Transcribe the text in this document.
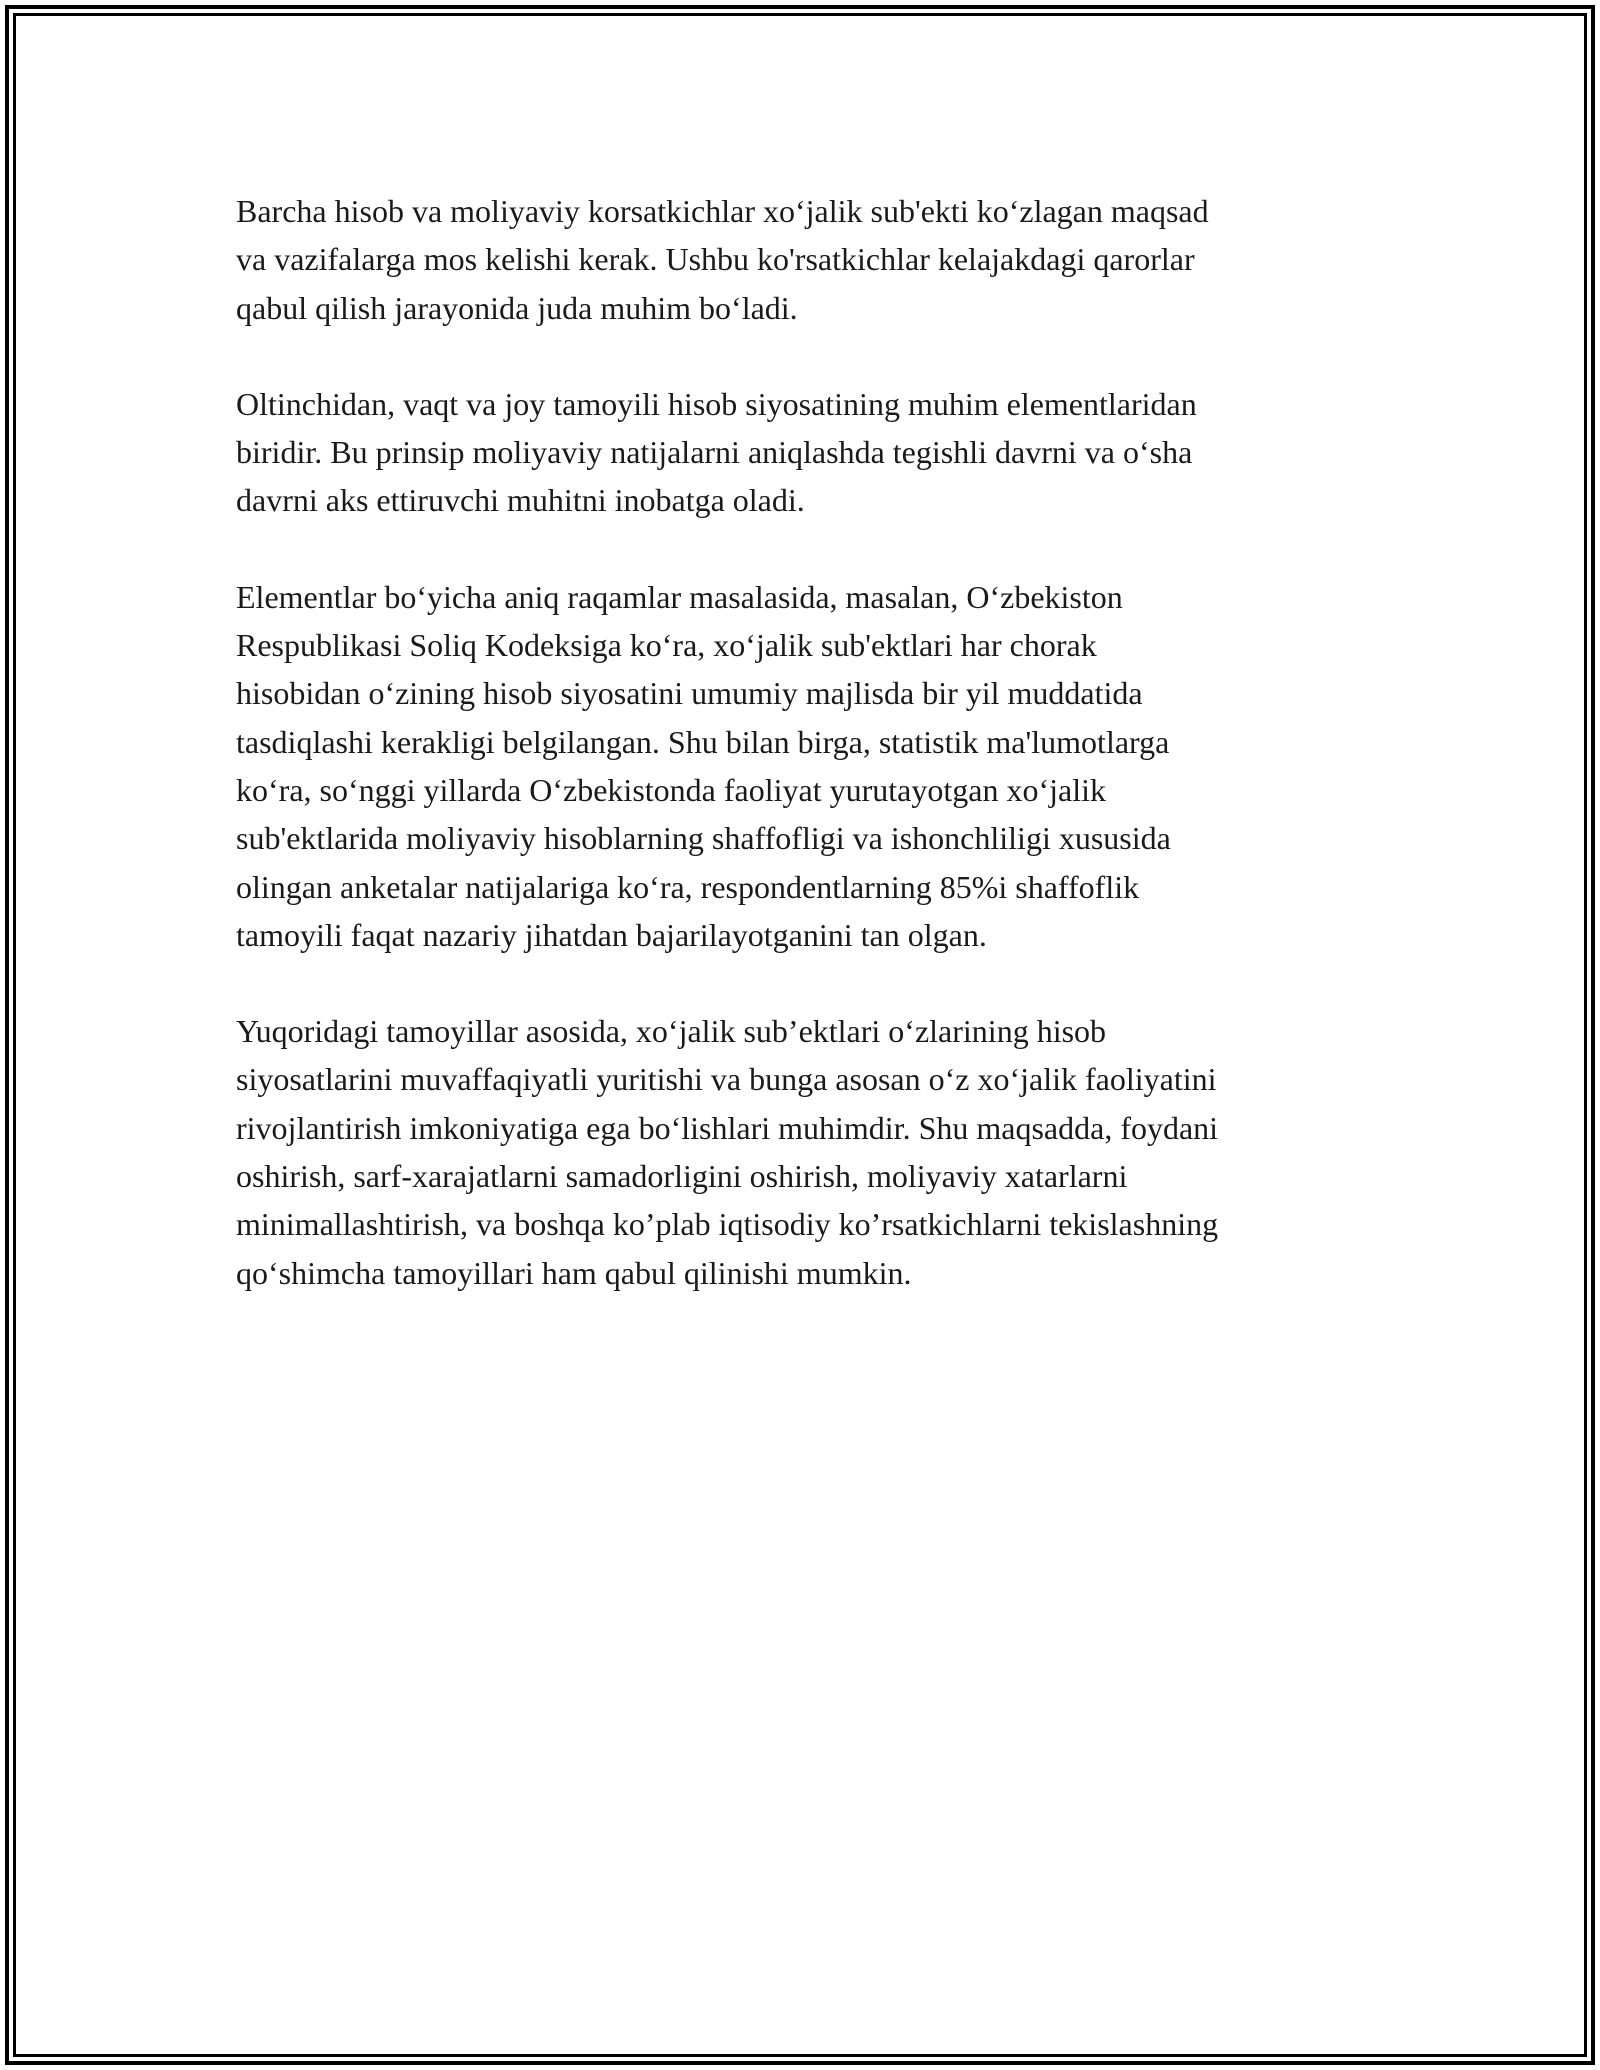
Barcha hisob va moliyaviy korsatkichlar xo‘jalik sub'ekti ko‘zlagan maqsad
va vazifalarga mos kelishi kerak. Ushbu ko'rsatkichlar kelajakdagi qarorlar
qabul qilish jarayonida juda muhim bo‘ladi.

Oltinchidan, vaqt va joy tamoyili hisob siyosatining muhim elementlaridan
biridir. Bu prinsip moliyaviy natijalarni aniqlashda tegishli davrni va o‘sha
davrni aks ettiruvchi muhitni inobatga oladi.

Elementlar bo‘yicha aniq raqamlar masalasida, masalan, O‘zbekiston
Respublikasi Soliq Kodeksiga ko‘ra, xo‘jalik sub'ektlari har chorak
hisobidan o‘zining hisob siyosatini umumiy majlisda bir yil muddatida
tasdiqlashi kerakligi belgilangan. Shu bilan birga, statistik ma'lumotlarga
ko‘ra, so‘nggi yillarda O‘zbekistonda faoliyat yurutayotgan xo‘jalik
sub'ektlarida moliyaviy hisoblarning shaffofligi va ishonchliligi xususida
olingan anketalar natijalariga ko‘ra, respondentlarning 85%i shaffoflik
tamoyili faqat nazariy jihatdan bajarilayotganini tan olgan.

Yuqoridagi tamoyillar asosida, xo‘jalik sub’ektlari o‘zlarining hisob
siyosatlarini muvaffaqiyatli yuritishi va bunga asosan o‘z xo‘jalik faoliyatini
rivojlantirish imkoniyatiga ega bo‘lishlari muhimdir. Shu maqsadda, foydani
oshirish, sarf-xarajatlarni samadorligini oshirish, moliyaviy xatarlarni
minimallashtirish, va boshqa ko’plab iqtisodiy ko’rsatkichlarni tekislashning
qo‘shimcha tamoyillari ham qabul qilinishi mumkin.
